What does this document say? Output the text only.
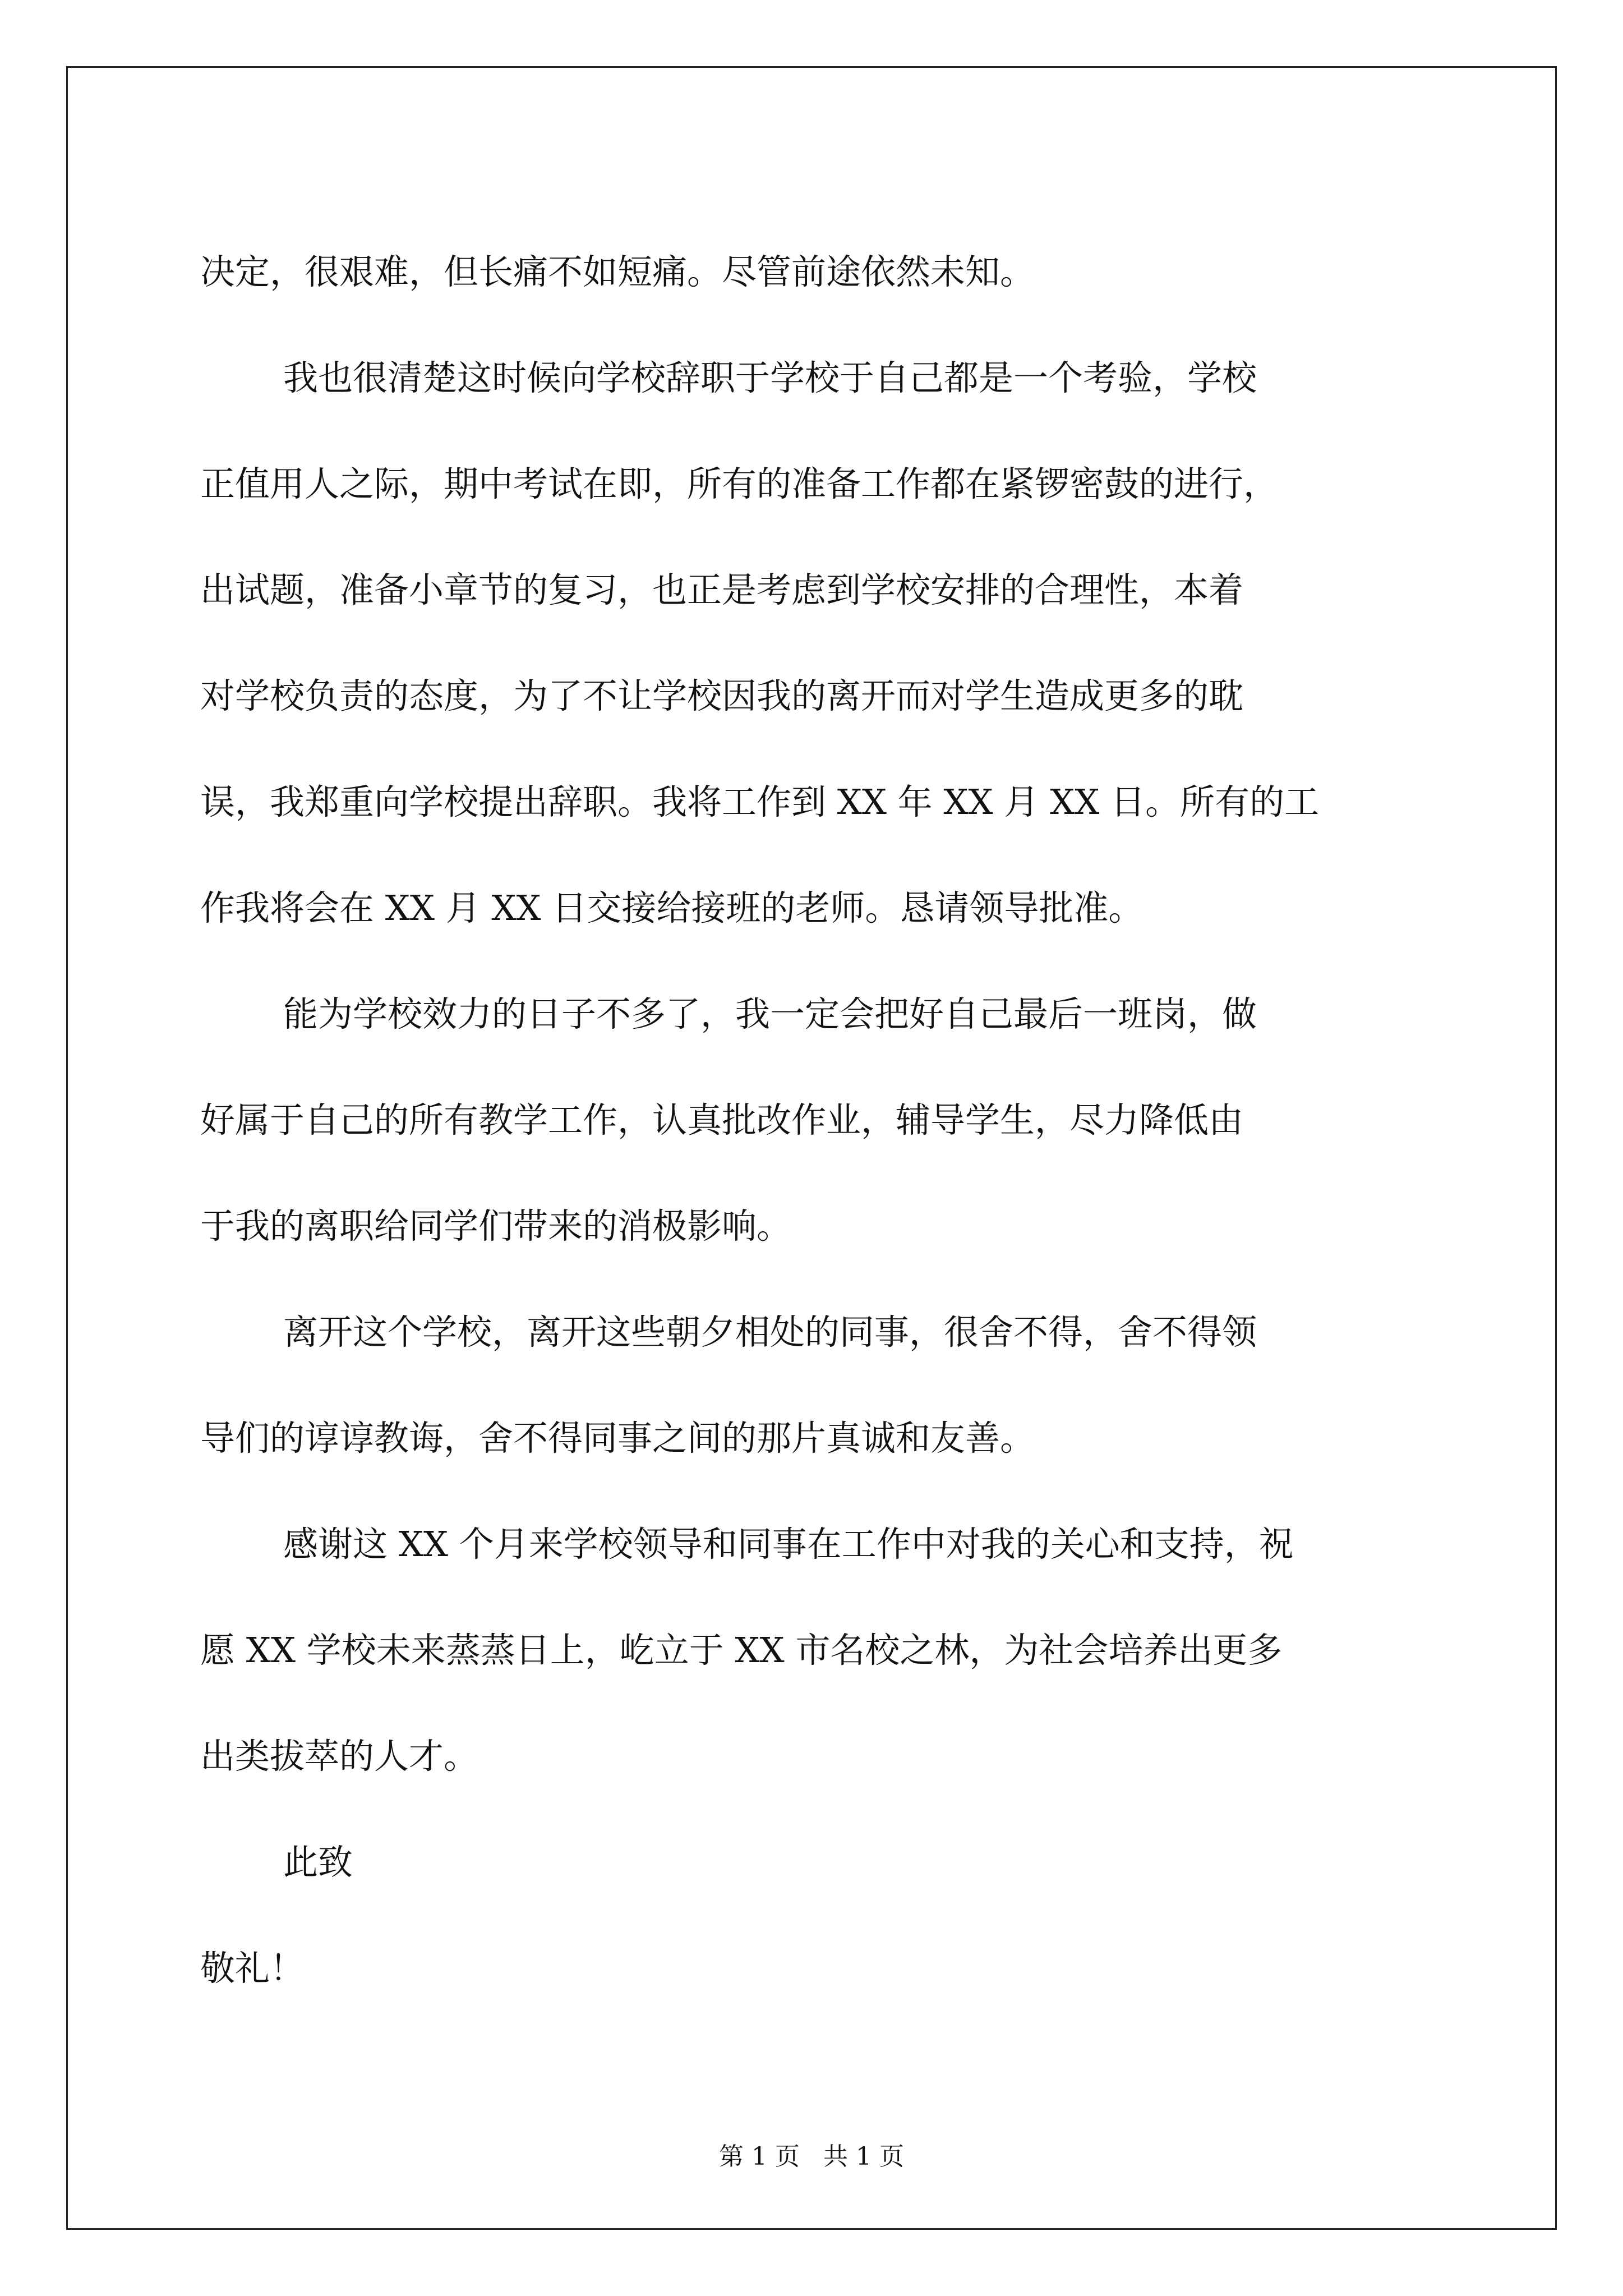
决定，很艰难，但长痛不如短痛。尽管前途依然未知。
我也很清楚这时候向学校辞职于学校于自己都是一个考验，学校
正值用人之际，期中考试在即，所有的准备工作都在紧锣密鼓的进行，
出试题，准备小章节的复习，也正是考虑到学校安排的合理性，本着
对学校负责的态度，为了不让学校因我的离开而对学生造成更多的耽
误，我郑重向学校提出辞职。我将工作到 XX 年 XX 月 XX 日。所有的工
作我将会在 XX 月 XX 日交接给接班的老师。恳请领导批准。
能为学校效力的日子不多了，我一定会把好自己最后一班岗，做
好属于自己的所有教学工作，认真批改作业，辅导学生，尽力降低由
于我的离职给同学们带来的消极影响。
离开这个学校，离开这些朝夕相处的同事，很舍不得，舍不得领
导们的谆谆教诲，舍不得同事之间的那片真诚和友善。
感谢这 XX 个月来学校领导和同事在工作中对我的关心和支持，祝
愿 XX 学校未来蒸蒸日上，屹立于 XX 市名校之林，为社会培养出更多
出类拔萃的人才。
此致
敬礼！
第 1 页   共 1 页
